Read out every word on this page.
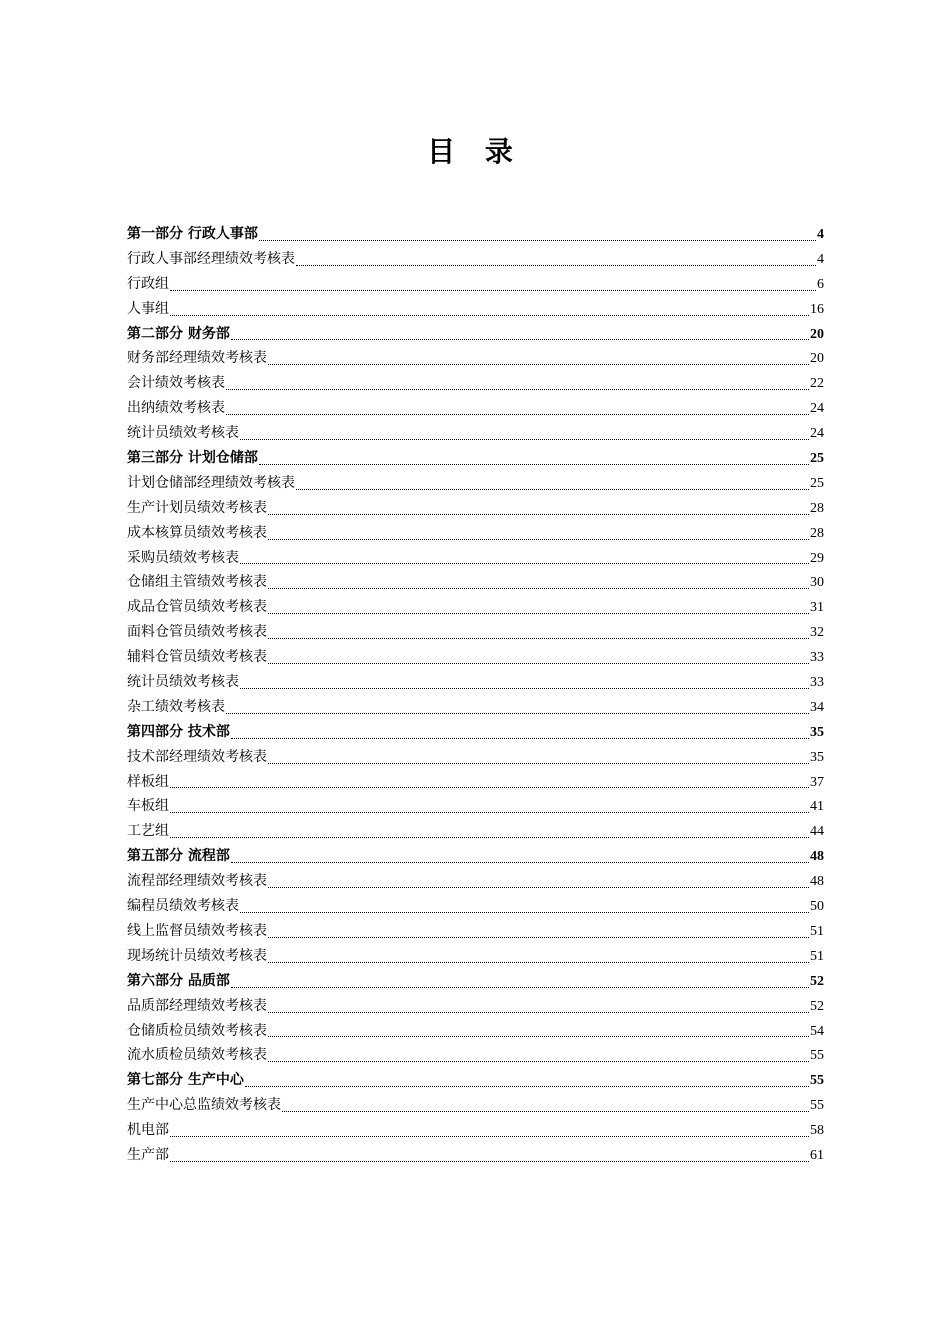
目 录
第一部分 行政人事部	4
行政人事部经理绩效考核表	4
行政组	6
人事组	16
第二部分 财务部	20
财务部经理绩效考核表	20
会计绩效考核表	22
出纳绩效考核表	24
统计员绩效考核表	24
第三部分 计划仓储部	25
计划仓储部经理绩效考核表	25
生产计划员绩效考核表	28
成本核算员绩效考核表	28
采购员绩效考核表	29
仓储组主管绩效考核表	30
成品仓管员绩效考核表	31
面料仓管员绩效考核表	32
辅料仓管员绩效考核表	33
统计员绩效考核表	33
杂工绩效考核表	34
第四部分 技术部	35
技术部经理绩效考核表	35
样板组	37
车板组	41
工艺组	44
第五部分 流程部	48
流程部经理绩效考核表	48
编程员绩效考核表	50
线上监督员绩效考核表	51
现场统计员绩效考核表	51
第六部分 品质部	52
品质部经理绩效考核表	52
仓储质检员绩效考核表	54
流水质检员绩效考核表	55
第七部分 生产中心	55
生产中心总监绩效考核表	55
机电部	58
生产部	61
